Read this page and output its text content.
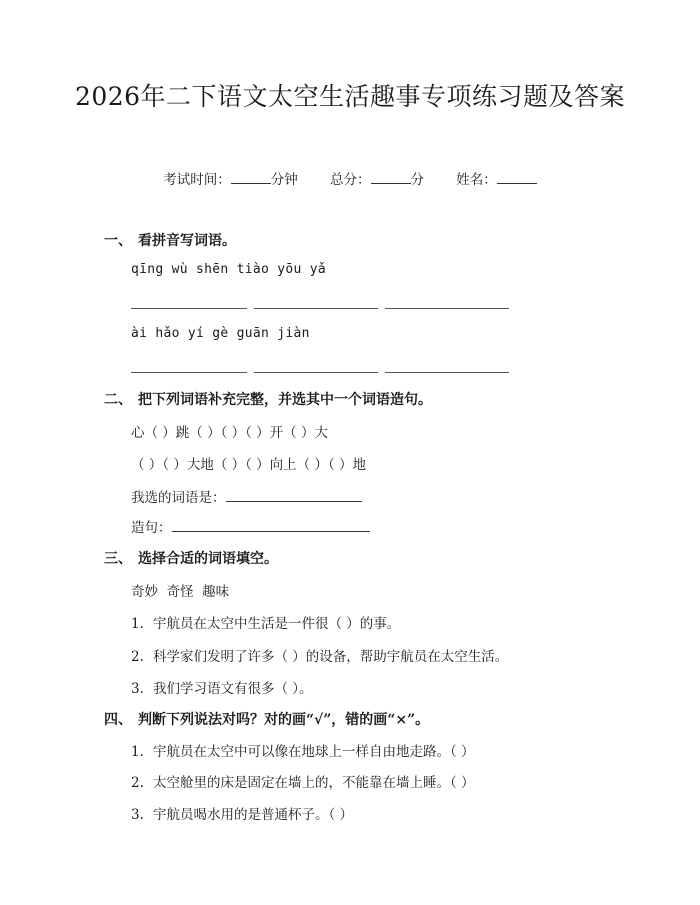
2026年二下语文太空生活趣事专项练习题及答案
考试时间：	分钟 总分：	分 姓名：
一、 看拼音写词语。
qīng wù shēn tiào yōu yǎ
ài hǎo yí gè guān jiàn
二、 把下列词语补充完整，并选其中一个词语造句。
心（ ）跳（ ）（ ）（ ）开（ ）大
（ ）（ ）大地（ ）（ ）向上（ ）（ ）地
我选的词语是：
造句：
三、 选择合适的词语填空。
奇妙  奇怪  趣味
1. 宇航员在太空中生活是一件很（ ）的事。
2. 科学家们发明了许多（ ）的设备，帮助宇航员在太空生活。
3. 我们学习语文有很多（ ）。
四、 判断下列说法对吗？对的画“√”，错的画“×”。
1. 宇航员在太空中可以像在地球上一样自由地走路。（ ）
2. 太空舱里的床是固定在墙上的，不能靠在墙上睡。（ ）
3. 宇航员喝水用的是普通杯子。（ ）
